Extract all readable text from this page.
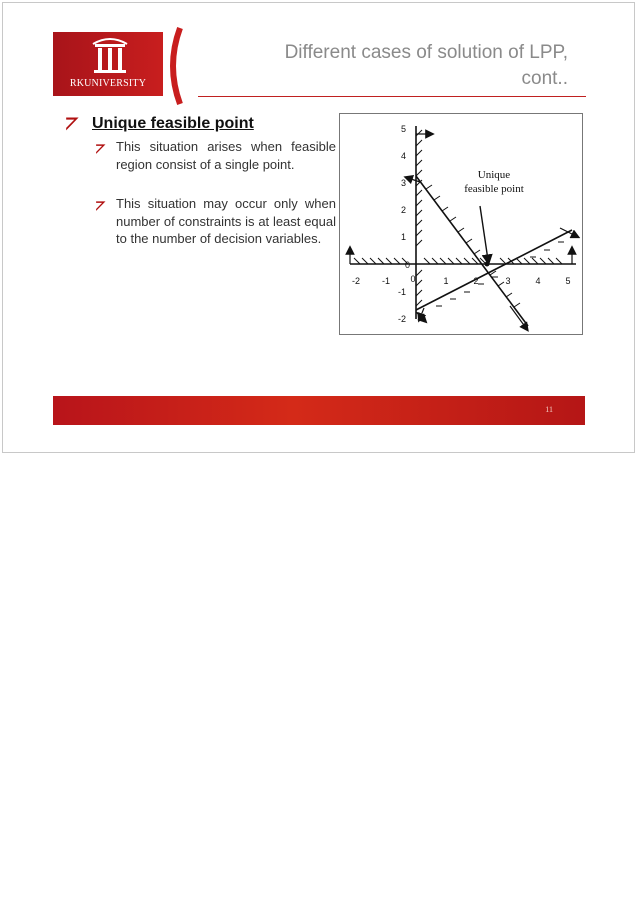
RKUNIVERSITY
Different cases of solution of LPP,
cont..
⦢ Unique feasible point
⦢ This situation arises when feasible region consist of a single point.
⦢ This situation may occur only when number of constraints is at least equal to the number of decision variables.
Unique
feasible point
-2 -1 0	1	2	3	4	5
5
4
3
2
1
0
-1
-2
11
